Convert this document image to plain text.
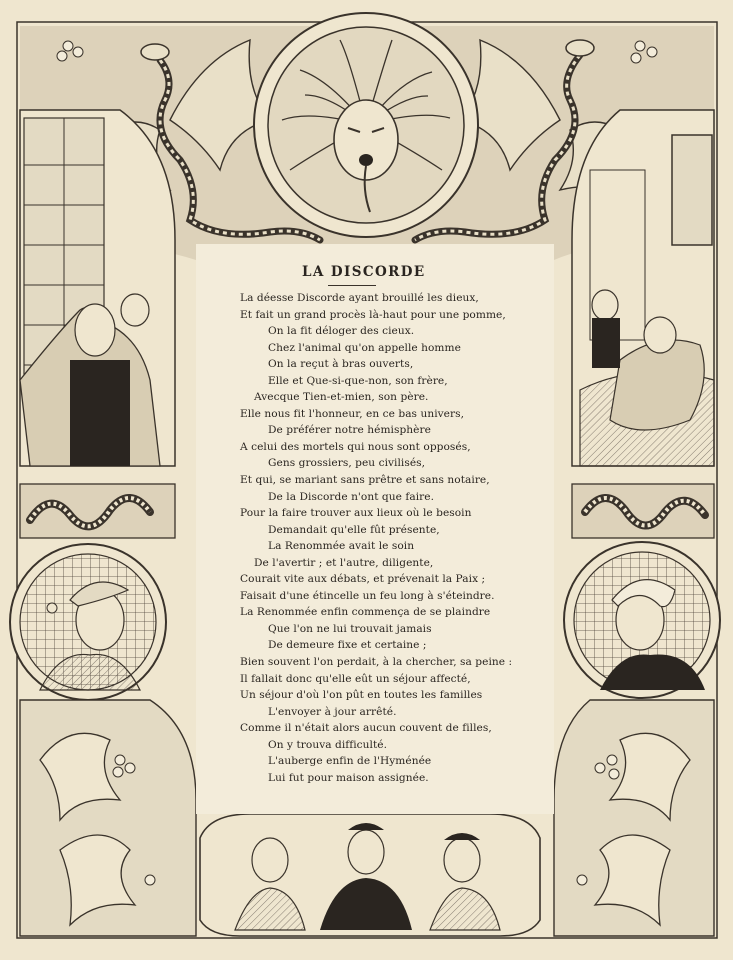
LA DISCORDE
La déesse Discorde ayant brouillé les dieux,
Et fait un grand procès là-haut pour une pomme,
On la fit déloger des cieux.
Chez l'animal qu'on appelle homme
On la reçut à bras ouverts,
Elle et Que-si-que-non, son frère,
Avecque Tien-et-mien, son père.
Elle nous fit l'honneur, en ce bas univers,
De préférer notre hémisphère
A celui des mortels qui nous sont opposés,
Gens grossiers, peu civilisés,
Et qui, se mariant sans prêtre et sans notaire,
De la Discorde n'ont que faire.
Pour la faire trouver aux lieux où le besoin
Demandait qu'elle fût présente,
La Renommée avait le soin
De l'avertir ; et l'autre, diligente,
Courait vite aux débats, et prévenait la Paix ;
Faisait d'une étincelle un feu long à s'éteindre.
La Renommée enfin commença de se plaindre
Que l'on ne lui trouvait jamais
De demeure fixe et certaine ;
Bien souvent l'on perdait, à la chercher, sa peine :
Il fallait donc qu'elle eût un séjour affecté,
Un séjour d'où l'on pût en toutes les familles
L'envoyer à jour arrêté.
Comme il n'était alors aucun couvent de filles,
On y trouva difficulté.
L'auberge enfin de l'Hyménée
Lui fut pour maison assignée.
